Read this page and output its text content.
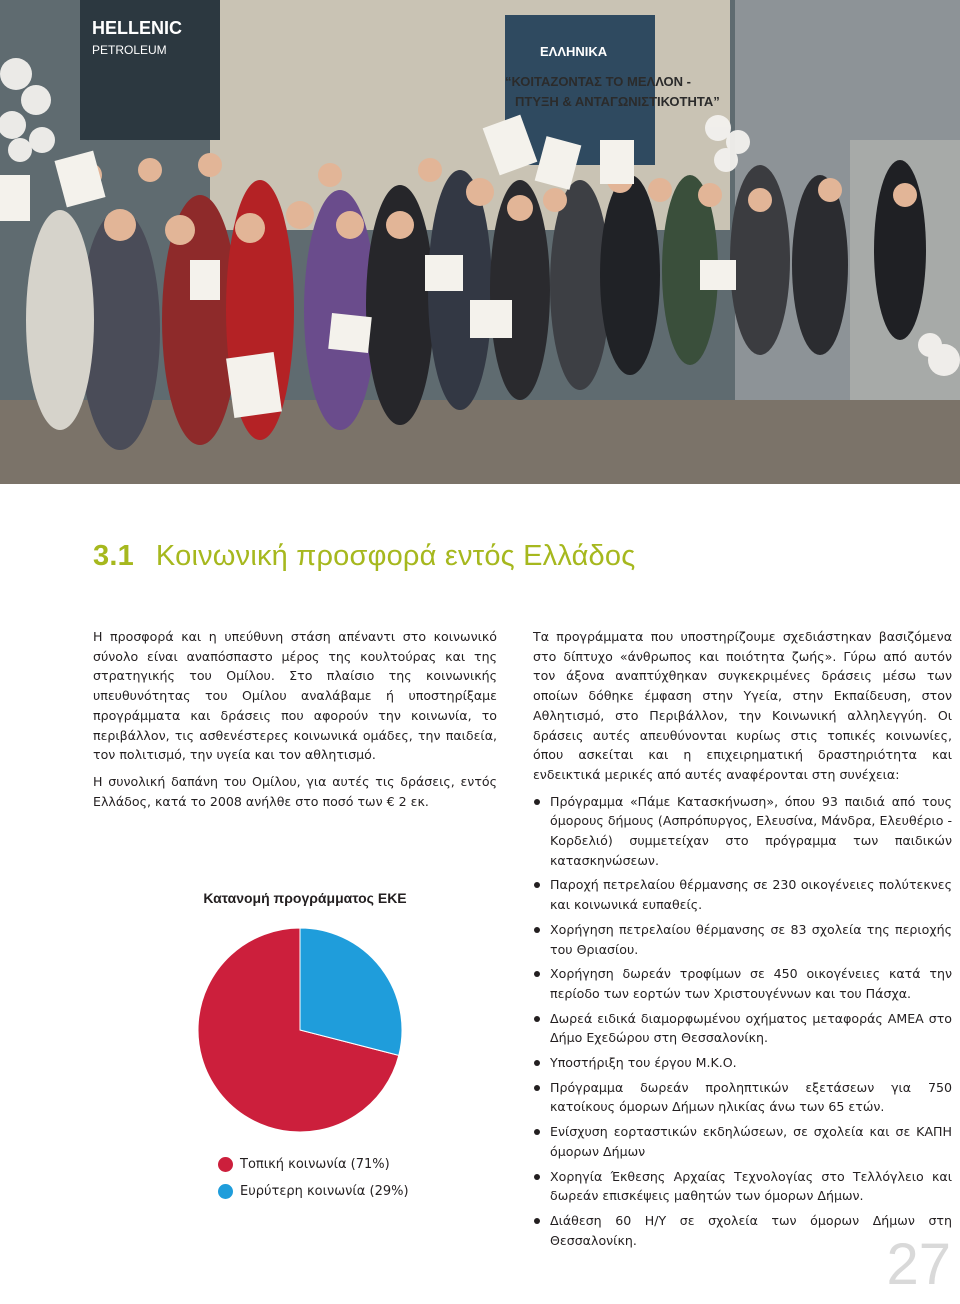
HELLENIC
PETROLEUM	ΕΛΛΗΝΙΚΑ
“ΚΟΙΤΑΖΟΝΤΑΣ ΤΟ ΜΕΛΛΟΝ -
ΠΤΥΞΗ & ΑΝΤΑΓΩΝΙΣΤΙΚΟΤΗΤΑ”
3.1 Κοινωνική προσφορά εντός Ελλάδος

Η προσφορά και η υπεύθυνη στάση απέναντι στο κοινωνικό σύνολο είναι αναπόσπαστο μέρος της κουλτούρας και της στρατηγικής του Ομίλου. Στο πλαίσιο της κοινωνικής υπευθυνότητας του Ομίλου αναλάβαμε ή υποστηρίξαμε προγράμματα και δράσεις που αφορούν την κοινωνία, το περιβάλλον, τις ασθενέστερες κοινωνικά ομάδες, την παιδεία, τον πολιτισμό, την υγεία και τον αθλητισμό.

Η συνολική δαπάνη του Ομίλου, για αυτές τις δράσεις, εντός Ελλάδος, κατά το 2008 ανήλθε στο ποσό των € 2 εκ.

Κατανομή προγράμματος ΕΚΕ
Τοπική κοινωνία (71%)
Ευρύτερη κοινωνία (29%)

Τα προγράμματα που υποστηρίζουμε σχεδιάστηκαν βασιζόμενα στο δίπτυχο «άνθρωπος και ποιότητα ζωής». Γύρω από αυτόν τον άξονα αναπτύχθηκαν συγκεκριμένες δράσεις μέσω των οποίων δόθηκε έμφαση στην Υγεία, στην Εκπαίδευση, στον Αθλητισμό, στο Περιβάλλον, την Κοινωνική αλληλεγγύη. Οι δράσεις αυτές απευθύνονται κυρίως στις τοπικές κοινωνίες, όπου ασκείται και η επιχειρηματική δραστηριότητα και ενδεικτικά μερικές από αυτές αναφέρονται στη συνέχεια:

Πρόγραμμα «Πάμε Κατασκήνωση», όπου 93 παιδιά από τους όμορους δήμους (Ασπρόπυργος, Ελευσίνα, Μάνδρα, Ελευθέριο - Κορδελιό) συμμετείχαν στο πρόγραμμα των παιδικών κατασκηνώσεων.
Παροχή πετρελαίου θέρμανσης σε 230 οικογένειες πολύτεκνες και κοινωνικά ευπαθείς.
Χορήγηση πετρελαίου θέρμανσης σε 83 σχολεία της περιοχής του Θριασίου.
Χορήγηση δωρεάν τροφίμων σε 450 οικογένειες κατά την περίοδο των εορτών των Χριστουγέννων και του Πάσχα.
Δωρεά ειδικά διαμορφωμένου οχήματος μεταφοράς ΑΜΕΑ στο Δήμο Εχεδώρου στη Θεσσαλονίκη.
Υποστήριξη του έργου Μ.Κ.Ο.
Πρόγραμμα δωρεάν προληπτικών εξετάσεων για 750 κατοίκους όμορων Δήμων ηλικίας άνω των 65 ετών.
Ενίσχυση εορταστικών εκδηλώσεων, σε σχολεία και σε ΚΑΠΗ όμορων Δήμων
Χορηγία Έκθεσης Αρχαίας Τεχνολογίας στο Τελλόγλειο και δωρεάν επισκέψεις μαθητών των όμορων Δήμων.
Διάθεση 60 Η/Υ σε σχολεία των όμορων Δήμων στη Θεσσαλονίκη.	27
